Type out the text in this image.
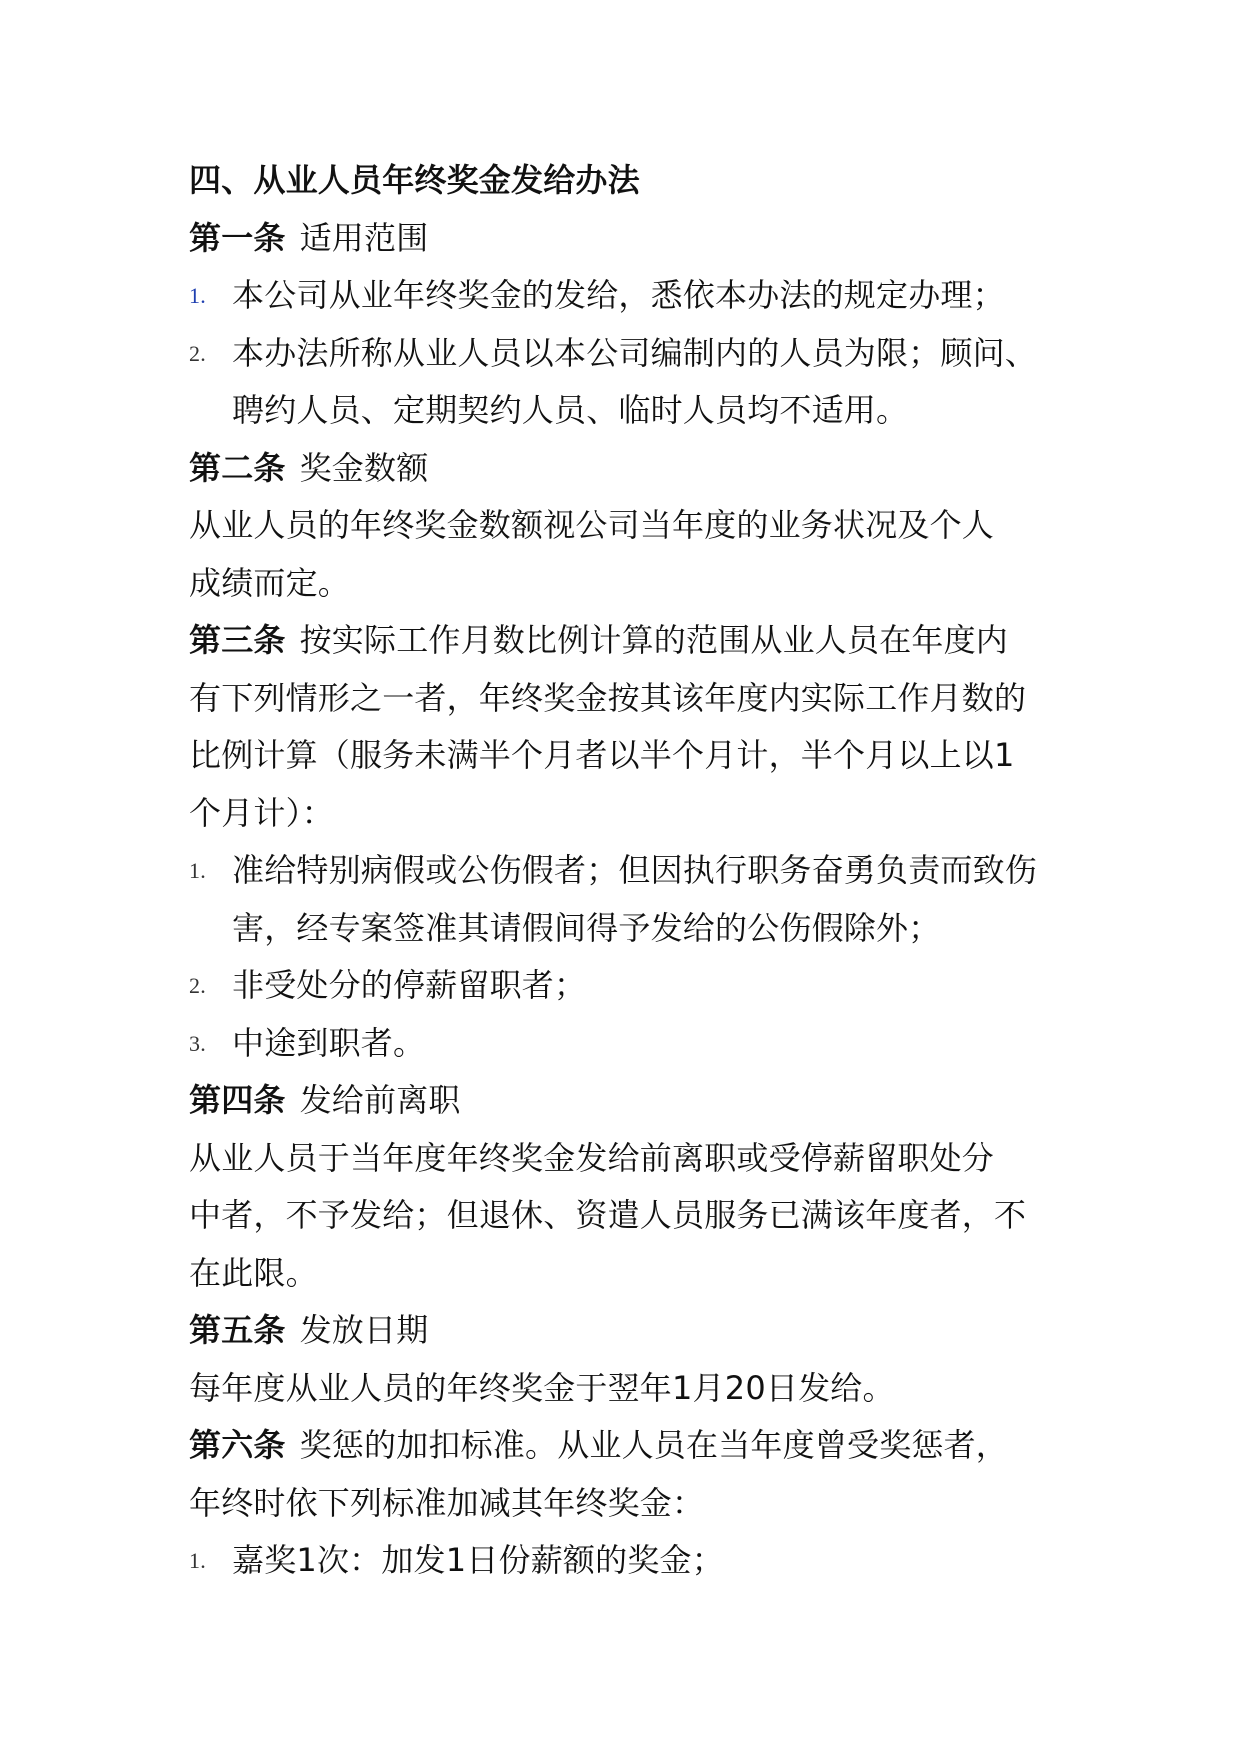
四、从业人员年终奖金发给办法
第一条 适用范围
1. 本公司从业年终奖金的发给，悉依本办法的规定办理；
2. 本办法所称从业人员以本公司编制内的人员为限；顾问、
聘约人员、定期契约人员、临时人员均不适用。
第二条 奖金数额
从业人员的年终奖金数额视公司当年度的业务状况及个人
成绩而定。
第三条 按实际工作月数比例计算的范围从业人员在年度内
有下列情形之一者，年终奖金按其该年度内实际工作月数的
比例计算（服务未满半个月者以半个月计，半个月以上以1
个月计）：
1. 准给特别病假或公伤假者；但因执行职务奋勇负责而致伤
害，经专案签准其请假间得予发给的公伤假除外；
2. 非受处分的停薪留职者；
3. 中途到职者。
第四条 发给前离职
从业人员于当年度年终奖金发给前离职或受停薪留职处分
中者，不予发给；但退休、资遣人员服务已满该年度者，不
在此限。
第五条 发放日期
每年度从业人员的年终奖金于翌年1月20日发给。
第六条 奖惩的加扣标准。从业人员在当年度曾受奖惩者，
年终时依下列标准加减其年终奖金：
1. 嘉奖1次：加发1日份薪额的奖金；
